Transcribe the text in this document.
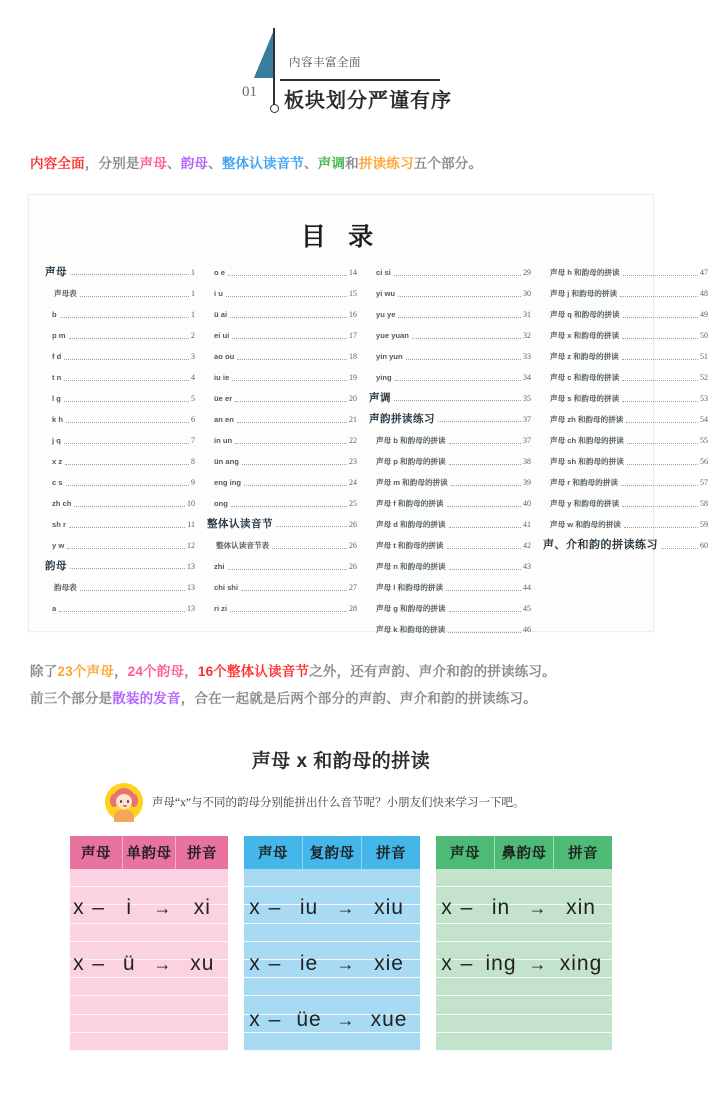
内容丰富全面
01 板块划分严谨有序
内容全面，分别是声母、韵母、整体认读音节、声调和拼读练习五个部分。
目 录
声母	1
声母表	1
b	1
p m	2
f d	3
t n	4
l g	5
k h	6
j q	7
x z	8
c s	9
zh ch	10
sh r	11
y w	12
韵母	13
韵母表	13
a	13
o e	14
i u	15
ü ai	16
ei ui	17
ao ou	18
iu ie	19
üe er	20
an en	21
in un	22
ün ang	23
eng ing	24
ong	25
整体认读音节	26
整体认读音节表	26
zhi	26
chi shi	27
ri zi	28
ci si	29
yi wu	30
yu ye	31
yue yuan	32
yin yun	33
ying	34
声调	35
声韵拼读练习	37
声母 b 和韵母的拼读	37
声母 p 和韵母的拼读	38
声母 m 和韵母的拼读	39
声母 f 和韵母的拼读	40
声母 d 和韵母的拼读	41
声母 t 和韵母的拼读	42
声母 n 和韵母的拼读	43
声母 l 和韵母的拼读	44
声母 g 和韵母的拼读	45
声母 k 和韵母的拼读	46
声母 h 和韵母的拼读	47
声母 j 和韵母的拼读	48
声母 q 和韵母的拼读	49
声母 x 和韵母的拼读	50
声母 z 和韵母的拼读	51
声母 c 和韵母的拼读	52
声母 s 和韵母的拼读	53
声母 zh 和韵母的拼读	54
声母 ch 和韵母的拼读	55
声母 sh 和韵母的拼读	56
声母 r 和韵母的拼读	57
声母 y 和韵母的拼读	58
声母 w 和韵母的拼读	59
声、介和韵的拼读练习	60
除了23个声母，24个韵母，16个整体认读音节之外，还有声韵、声介和韵的拼读练习。
前三个部分是散装的发音，合在一起就是后两个部分的声韵、声介和韵的拼读练习。
声母 x 和韵母的拼读
声母“x”与不同的韵母分别能拼出什么音节呢？小朋友们快来学习一下吧。
声母	单韵母	拼音
x –	i	→	xi
x – ü → xu
声母	复韵母	拼音
x – iu	→ xiu
x – ie	→ xie
x – üe → xue
声母	鼻韵母	拼音
x – in	→ xin
x – ing → xing
